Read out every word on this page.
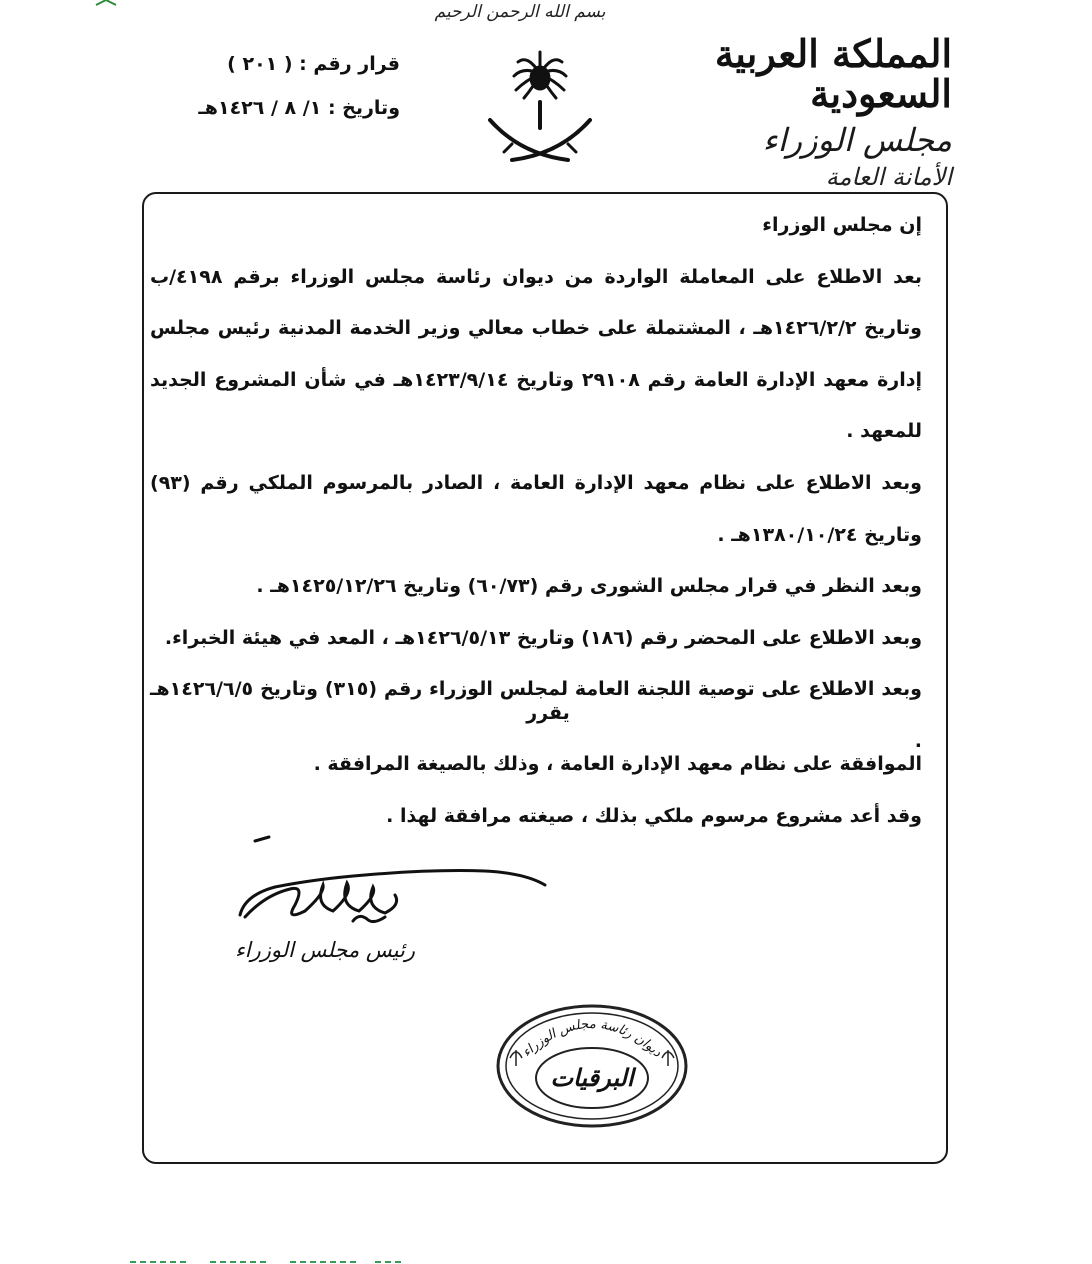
بسم الله الرحمن الرحيم
المملكة العربية السعودية
مجلس الوزراء
الأمانة العامة
قرار رقم : ( ٢٠١ )
وتاريخ : ١/ ٨ / ١٤٢٦هـ

إن مجلس الوزراء

بعد الاطلاع على المعاملة الواردة من ديوان رئاسة مجلس الوزراء برقم ٤١٩٨/ب وتاريخ ١٤٢٦/٢/٢هـ ، المشتملة على خطاب معالي وزير الخدمة المدنية رئيس مجلس إدارة معهد الإدارة العامة رقم ٢٩١٠٨ وتاريخ ١٤٢٣/٩/١٤هـ في شأن المشروع الجديد للمعهد .

وبعد الاطلاع على نظام معهد الإدارة العامة ، الصادر بالمرسوم الملكي رقم (٩٣) وتاريخ ١٣٨٠/١٠/٢٤هـ .

وبعد النظر في قرار مجلس الشورى رقم (٦٠/٧٣) وتاريخ ١٤٢٥/١٢/٢٦هـ .

وبعد الاطلاع على المحضر رقم (١٨٦) وتاريخ ١٤٢٦/٥/١٣هـ ، المعد في هيئة الخبراء.

وبعد الاطلاع على توصية اللجنة العامة لمجلس الوزراء رقم (٣١٥) وتاريخ ١٤٢٦/٦/٥هـ .

يقرر

الموافقة على نظام معهد الإدارة العامة ، وذلك بالصيغة المرافقة .

وقد أعد مشروع مرسوم ملكي بذلك ، صيغته مرافقة لهذا .

رئيس مجلس الوزراء
ديوان رئاسة مجلس الوزراء
البرقيات
